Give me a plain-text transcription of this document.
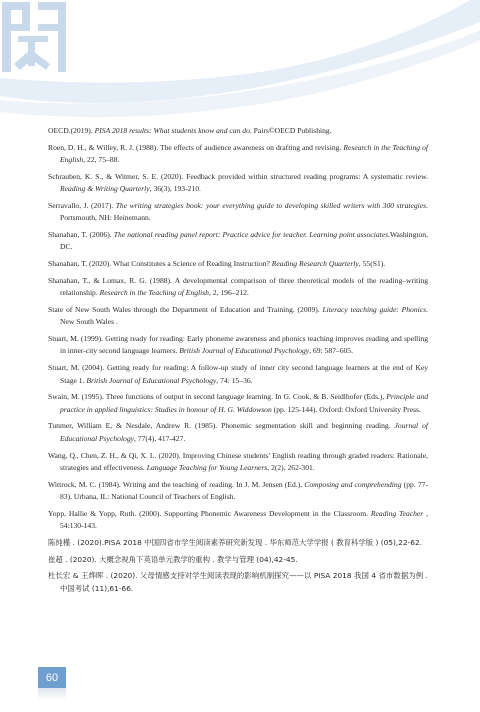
OECD.(2019). PISA 2018 results: What students know and can do. Pairs©OECD Publishing.

Roen, D. H., & Willey, R. J. (1988). The effects of audience awareness on drafting and revising. Research in the Teaching of English, 22, 75–88.

Schrauben, K. S., & Witmer, S. E. (2020). Feedback provided within structured reading programs: A systematic review. Reading & Writing Quarterly, 36(3), 193-210.

Serravallo, J. (2017). The writing strategies book: your everything guide to developing skilled writers with 300 strategies. Portsmouth, NH: Heinemann.

Shanahan, T. (2006). The national reading panel report: Practice advice for teacher. Learning point associates.Washington, DC.

Shanahan, T. (2020). What Constitutes a Science of Reading Instruction? Reading Research Quarterly, 55(S1).

Shanahan, T., & Lomax, R. G. (1988). A developmental comparison of three theoretical models of the reading–writing relationship. Research in the Teaching of English, 2, 196–212.

State of New South Wales through the Department of Education and Training. (2009). Literacy teaching guide: Phonics. New South Wales .

Stuart, M. (1999). Getting ready for reading: Early phoneme awareness and phonics teaching improves reading and spelling in inner-city second language learners. British Journal of Educational Psychology, 69: 587–605.

Stuart, M. (2004). Getting ready for reading: A follow-up study of inner city second language learners at the end of Key Stage 1. British Journal of Educational Psychology, 74: 15–36.

Swain, M. (1995). Three functions of output in second language learning. In G. Cook, & B. Seidlhofer (Eds.), Principle and practice in applied linguistics: Studies in honour of H. G. Widdowson (pp. 125-144). Oxford: Oxford University Press.

Tunmer, William E, & Nesdale, Andrew R. (1985). Phonemic segmentation skill and beginning reading. Journal of Educational Psychology, 77(4), 417-427.

Wang, Q., Chen, Z. H., & Qi, X. L. (2020). Improving Chinese students’ English reading through graded readers: Rationale, strategies and effectiveness. Language Teaching for Young Learners, 2(2), 262-301.

Wittrock, M. C. (1984). Writing and the teaching of reading. In J. M. Jensen (Ed.), Composing and comprehending (pp. 77-83). Urbana, IL: National Council of Teachers of English.

Yopp, Hallie & Yopp, Ruth. (2000). Supporting Phonemic Awareness Development in the Classroom. Reading Teacher , 54:130-143.

陈纯槿 . (2020).PISA 2018 中国四省市学生阅读素养研究新发现 . 华东师范大学学报 ( 教育科学版 ) (05),22-62.

崔超 . (2020). 大概念视角下英语单元教学的重构 . 教学与管理 (04),42-45.

杜长宏 & 王烨晖 . (2020). 父母情感支持对学生阅读表现的影响机制探究——以 PISA 2018 我国 4 省市数据为例 . 中国考试 (11),61-66.

60
